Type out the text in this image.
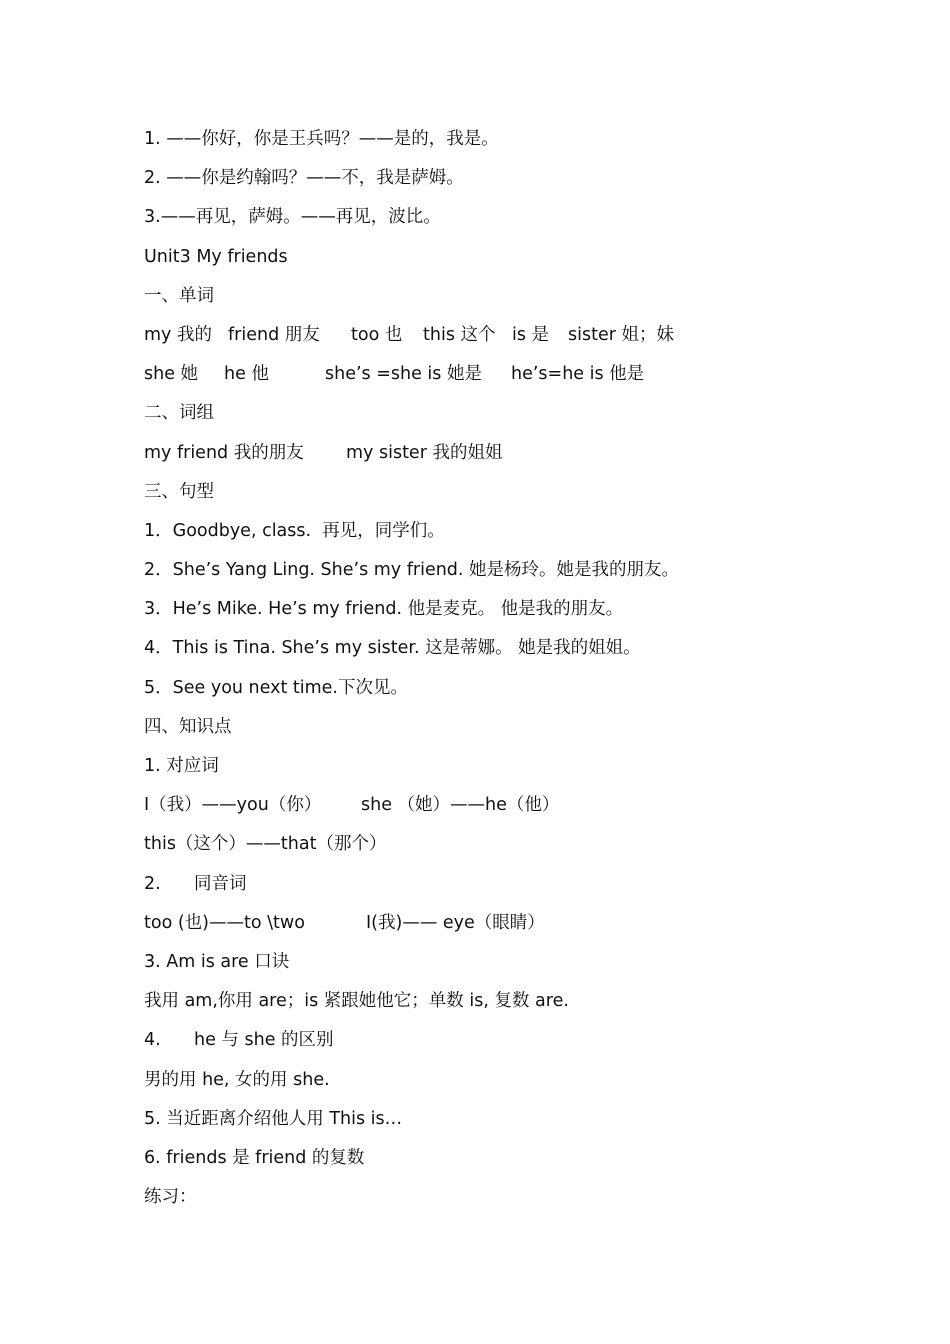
1. ——你好，你是王兵吗？——是的，我是。
2. ——你是约翰吗？——不，我是萨姆。
3.——再见，萨姆。——再见，波比。
Unit3 My friends
一、单词
my 我的 friend 朋友	too 也	this 这个 is 是	sister 姐；妹
she 她	he 他	she’s =she is 她是	he’s=he is 他是
二、词组
my friend 我的朋友	my sister 我的姐姐
三、句型
1．Goodbye, class.  再见，同学们。
2．She’s Yang Ling. She’s my friend. 她是杨玲。她是我的朋友。
3．He’s Mike. He’s my friend. 他是麦克。 他是我的朋友。
4．This is Tina. She’s my sister. 这是蒂娜。 她是我的姐姐。
5．See you next time.下次见。
四、知识点
1. 对应词
I（我）——you（你）	she （她）——he（他）
this（这个）——that（那个）
2.	同音词
too (也)——to \two	I(我)—— eye（眼睛）
3. Am is are 口诀
我用 am,你用 are；is 紧跟她他它；单数 is, 复数 are.
4.	he 与 she 的区别
男的用 he, 女的用 she.
5. 当近距离介绍他人用 This is…
6. friends 是 friend 的复数
练习：
